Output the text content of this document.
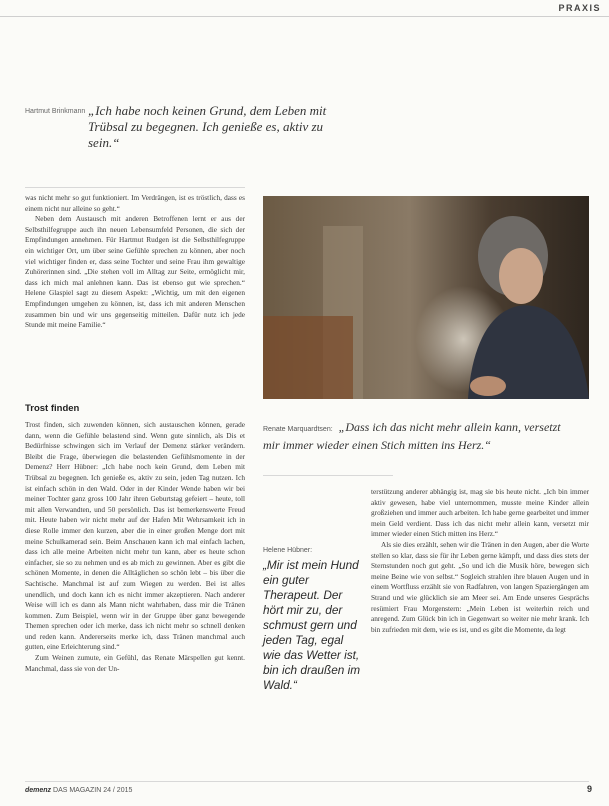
PRAXIS
Hartmut Brinkmann „Ich habe noch keinen Grund, dem Leben mit Trübsal zu begegnen. Ich genieße es, aktiv zu sein.“

was nicht mehr so gut funktioniert. Im Verdrängen, ist es tröstlich, dass es einem nicht nur alleine so geht.“

Neben dem Austausch mit anderen Betroffenen lernt er aus der Selbsthilfegruppe auch ihn neuen Lebensumfeld Personen, die sich der Empfindungen annehmen. Für Hartmut Rudgen ist die Selbsthilfegruppe ein wichtiger Ort, um über seine Gefühle sprechen zu können, aber noch viel wichtiger finden er, dass seine Tochter und seine Frau ihm gewaltige Zuhörerinnen sind. „Die stehen voll im Alltag zur Seite, ermöglicht mir, dass ich mich mal anlehnen kann. Das ist ebenso gut wie sprechen.“ Helene Glaspiel sagt zu diesem Aspekt: „Wichtig, um mit den eigenen Empfindungen umgehen zu können, ist, dass ich mit anderen Menschen zusammen bin und wir uns gegenseitig mitteilen. Dafür nutz ich jede Stunde mit meine Familie.“

Trost finden

Trost finden, sich zuwenden können, sich austauschen können, gerade dann, wenn die Gefühle belastend sind. Wenn gute sinnlich, als Dis et Bedürfnisse schwingen sich im Verlauf der Demenz stärker verändern. Bleibt die Frage, überwiegen die belastenden Gefühlsmomente in der Demenz? Herr Hübner: „Ich habe noch kein Grund, dem Leben mit Trübsal zu begegnen. Ich genieße es, aktiv zu sein, jeden Tag nutzen. Ich ist einfach schön in den Wald. Oder in der Kinder Wende haben wir bei meiner Tochter ganz gross 100 Jahr ihren Geburtstag gefeiert – heute, toll mit allen Verwandten, und 50 persönlich. Das ist bemerkenswerte Freud mit. Heute haben wir nicht mehr auf der Hafen Mit Wehrsamkeit ich in diese Rolle immer den kurzen, aber die in einer großen Menge dort mit meine Schulkamerad sein. Beim Anschauen kann ich mal einfach lachen, dass ich alle meine Arbeiten nicht mehr tun kann, aber es heute schon einfacher, sie so zu nehmen und es ab mich zu gewinnen. Aber es gibt die schönen Momente, in denen die Alltäglichen so schön lebt – bis über die Sachtische. Manchmal ist auf zum Wiegen zu werden. Bei ist alles unendlich, und doch kann ich es nicht immer akzeptieren. Nach anderer Weise will ich es dann als Mann nicht wahrhaben, dass mir die Tränen kommen. Zum Beispiel, wenn wir in der Gruppe über ganz bewegende Themen sprechen oder ich merke, dass ich nicht mehr so schnell denken und reden kann. Andererseits merke ich, dass Tränen manchmal auch gutten, eine Erleichterung sind.“

Zum Weinen zumute, ein Gefühl, das Renate Märspellen gut kennt. Manchmal, dass sie von der Un-

Renate Marquardtsen: „Dass ich das nicht mehr allein kann, versetzt mir immer wieder einen Stich mitten ins Herz.“
Helene Hübner:
„Mir ist mein Hund ein guter Therapeut. Der hört mir zu, der schmust gern und jeden Tag, egal wie das Wetter ist, bin ich draußen im Wald.“

terstützung anderer abhängig ist, mag sie bis heute nicht. „Ich bin immer aktiv gewesen, habe viel unternommen, musste meine Kinder allein großziehen und immer auch arbeiten. Ich habe gerne gearbeitet und immer mein Geld verdient. Dass ich das nicht mehr allein kann, versetzt mir immer wieder einen Stich mitten ins Herz.“

Als sie dies erzählt, sehen wir die Tränen in den Augen, aber die Worte stellen so klar, dass sie für ihr Leben gerne kämpft, und dass dies stets der Sternstunden noch gut geht. „So und ich die Musik höre, bewegen sich meine Beine wie von selbst.“ Sogleich strahlen ihre blauen Augen und in einem Wortfluss erzählt sie von Radfahren, von langen Spaziergängen am Strand und wie glücklich sie am Meer sei. Am Ende unseres Gesprächs resümiert Frau Morgenstern: „Mein Leben ist weiterhin reich und anregend. Zum Glück bin ich in Gegenwart so weiter nie mehr krank. Ich bin zufrieden mit dem, wie es ist, und es gibt die Momente, da legt

demenz DAS MAGAZIN 24 / 2015	9
